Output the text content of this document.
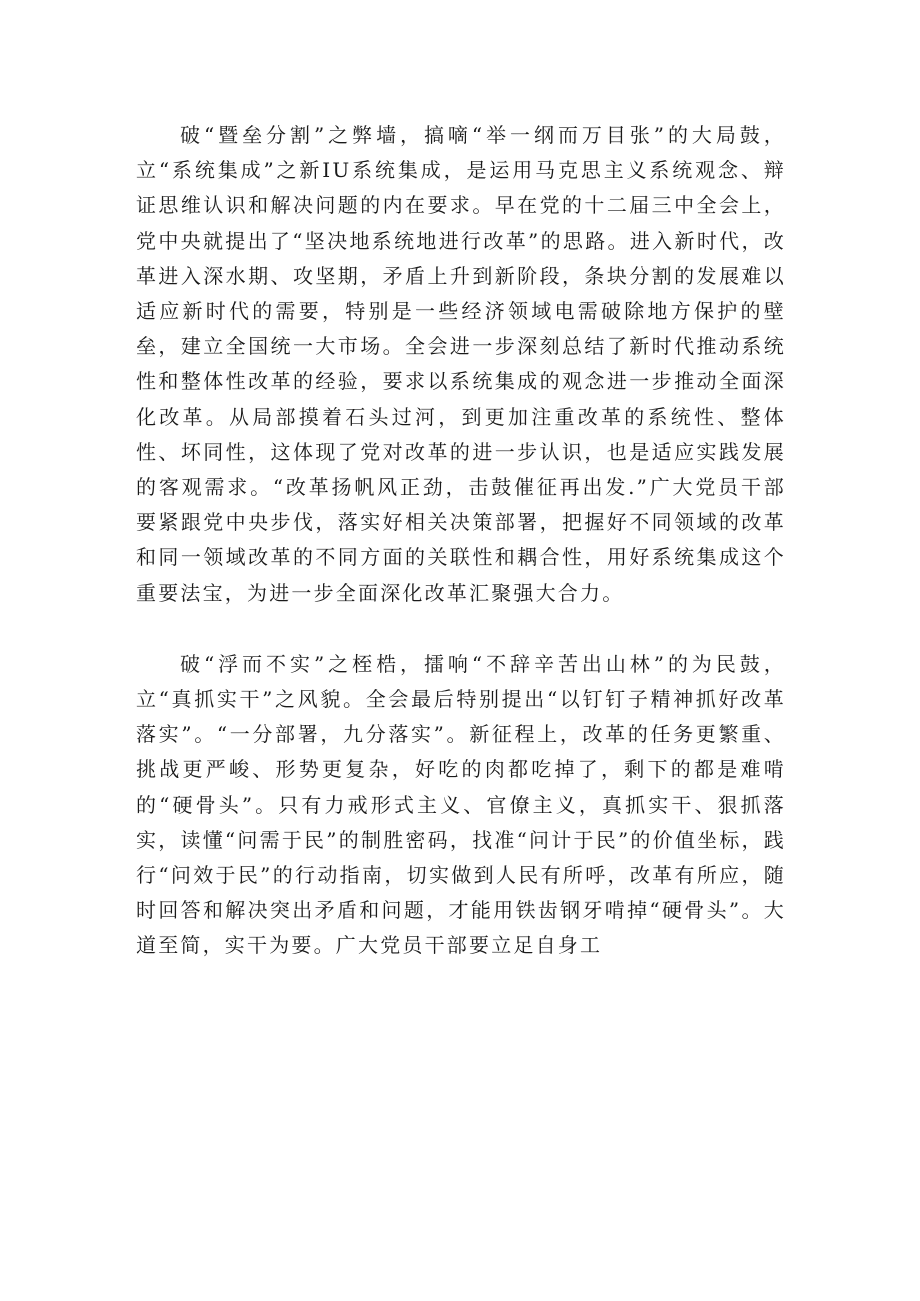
破“暨垒分割”之弊墙，搞嘀“举一纲而万目张”的大局鼓，立“系统集成”之新IU系统集成，是运用马克思主义系统观念、辩证思维认识和解决问题的内在要求。早在党的十二届三中全会上，党中央就提出了“坚决地系统地进行改革”的思路。进入新时代，改革进入深水期、攻坚期，矛盾上升到新阶段，条块分割的发展难以适应新时代的需要，特别是一些经济领域电需破除地方保护的壁垒，建立全国统一大市场。全会进一步深刻总结了新时代推动系统性和整体性改革的经验，要求以系统集成的观念进一步推动全面深化改革。从局部摸着石头过河，到更加注重改革的系统性、整体性、坏同性，这体现了党对改革的进一步认识，也是适应实践发展的客观需求。“改革扬帆风正劲，击鼓催征再出发.”广大党员干部要紧跟党中央步伐，落实好相关决策部署，把握好不同领域的改革和同一领域改革的不同方面的关联性和耦合性，用好系统集成这个重要法宝，为进一步全面深化改革汇聚强大合力。

破“浮而不实”之桎梏，擂响“不辞辛苦出山林”的为民鼓，立“真抓实干”之风貌。全会最后特别提出“以钉钉子精神抓好改革落实”。“一分部署，九分落实”。新征程上，改革的任务更繁重、挑战更严峻、形势更复杂，好吃的肉都吃掉了，剩下的都是难啃的“硬骨头”。只有力戒形式主义、官僚主义，真抓实干、狠抓落实，读懂“问需于民”的制胜密码，找准“问计于民”的价值坐标，践行“问效于民”的行动指南，切实做到人民有所呼，改革有所应，随时回答和解决突出矛盾和问题，才能用铁齿钢牙啃掉“硬骨头”。大道至简，实干为要。广大党员干部要立足自身工
